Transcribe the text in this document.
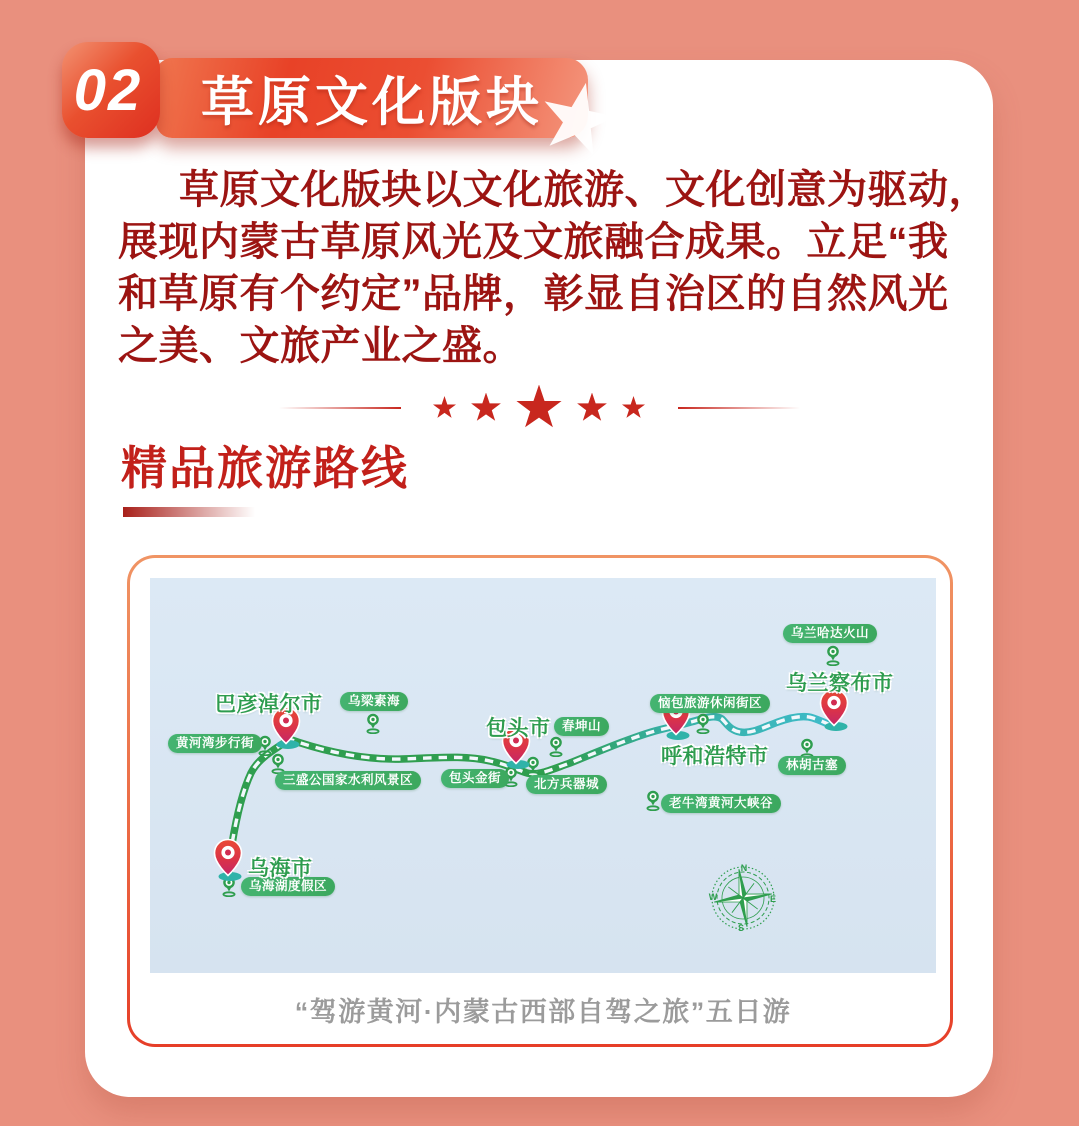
草原文化版块
02

草原文化版块以文化旅游、文化创意为驱动，

展现内蒙古草原风光及文旅融合成果。立足“我

和草原有个约定”品牌，彰显自治区的自然风光

之美、文旅产业之盛。

精品旅游路线
巴彦淖尔市
包头市
呼和浩特市
乌兰察布市
乌海市
黄河湾步行街
乌梁素海
三盛公国家水利风景区	包头金街
春坤山
北方兵器城
恼包旅游休闲街区
乌兰哈达火山
林胡古塞
老牛湾黄河大峡谷
乌海湖度假区
N
E
S
W
“驾游黄河·内蒙古西部自驾之旅”五日游
